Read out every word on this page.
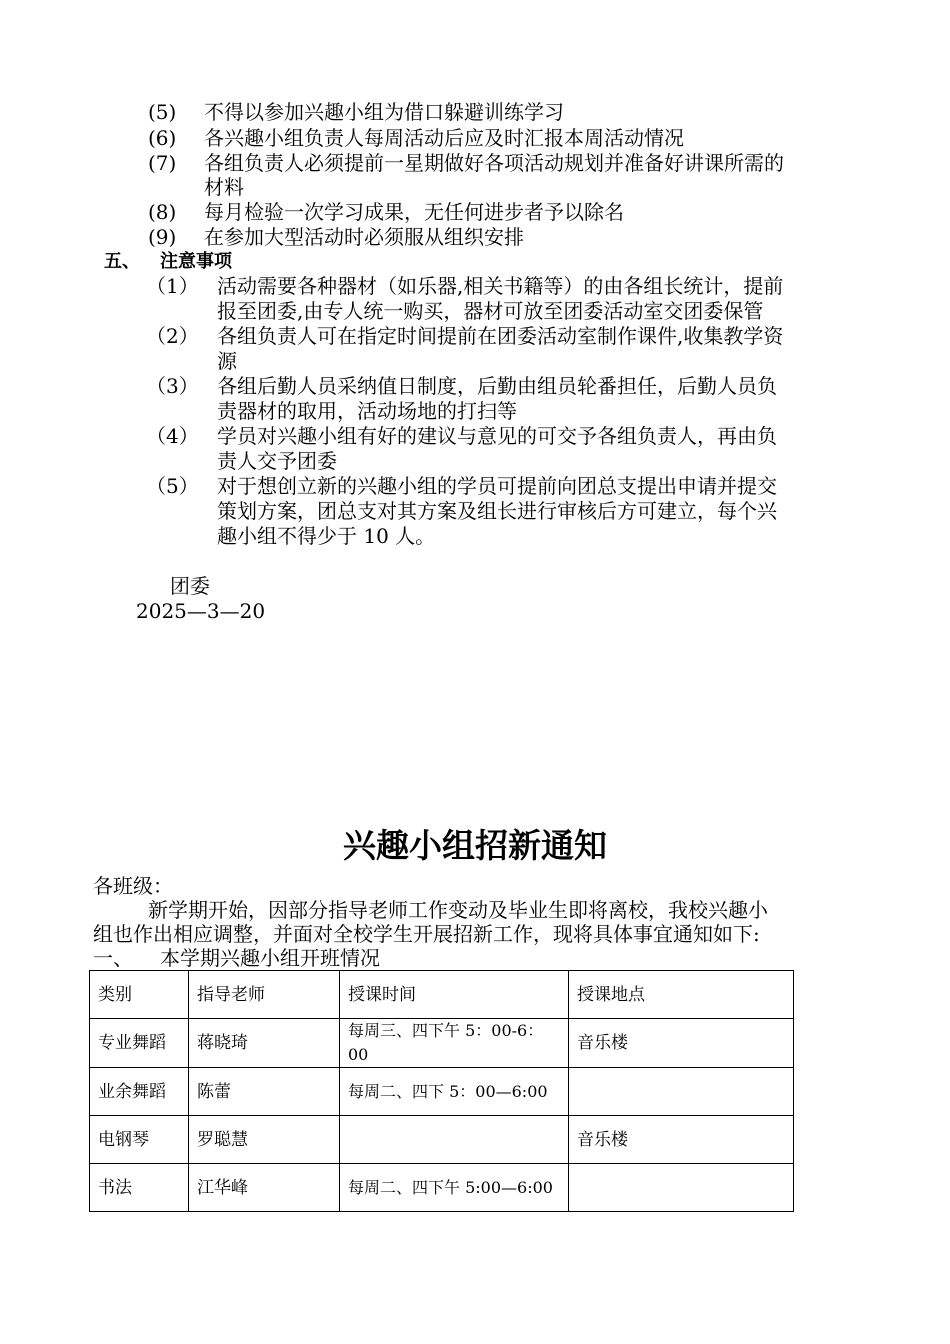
(5) 不得以参加兴趣小组为借口躲避训练学习
(6) 各兴趣小组负责人每周活动后应及时汇报本周活动情况
(7) 各组负责人必须提前一星期做好各项活动规划并准备好讲课所需的
材料
(8) 每月检验一次学习成果，无任何进步者予以除名
(9) 在参加大型活动时必须服从组织安排
五、 注意事项
（1） 活动需要各种器材（如乐器,相关书籍等）的由各组长统计，提前
报至团委,由专人统一购买，器材可放至团委活动室交团委保管
（2） 各组负责人可在指定时间提前在团委活动室制作课件,收集教学资
源
（3） 各组后勤人员采纳值日制度，后勤由组员轮番担任，后勤人员负
责器材的取用，活动场地的打扫等
（4） 学员对兴趣小组有好的建议与意见的可交予各组负责人，再由负
责人交予团委
（5） 对于想创立新的兴趣小组的学员可提前向团总支提出申请并提交
策划方案，团总支对其方案及组长进行审核后方可建立，每个兴
趣小组不得少于 10 人。
团委
2025—3—20
兴趣小组招新通知
各班级：
新学期开始，因部分指导老师工作变动及毕业生即将离校，我校兴趣小
组也作出相应调整，并面对全校学生开展招新工作，现将具体事宜通知如下:
一、 本学期兴趣小组开班情况
类别	指导老师	授课时间	授课地点
专业舞蹈	蒋晓琦	每周三、四下午 5：00-6：00	音乐楼
业余舞蹈	陈蕾	每周二、四下 5：00—6:00	
电钢琴	罗聪慧		音乐楼
书法	江华峰	每周二、四下午 5:00—6:00	
